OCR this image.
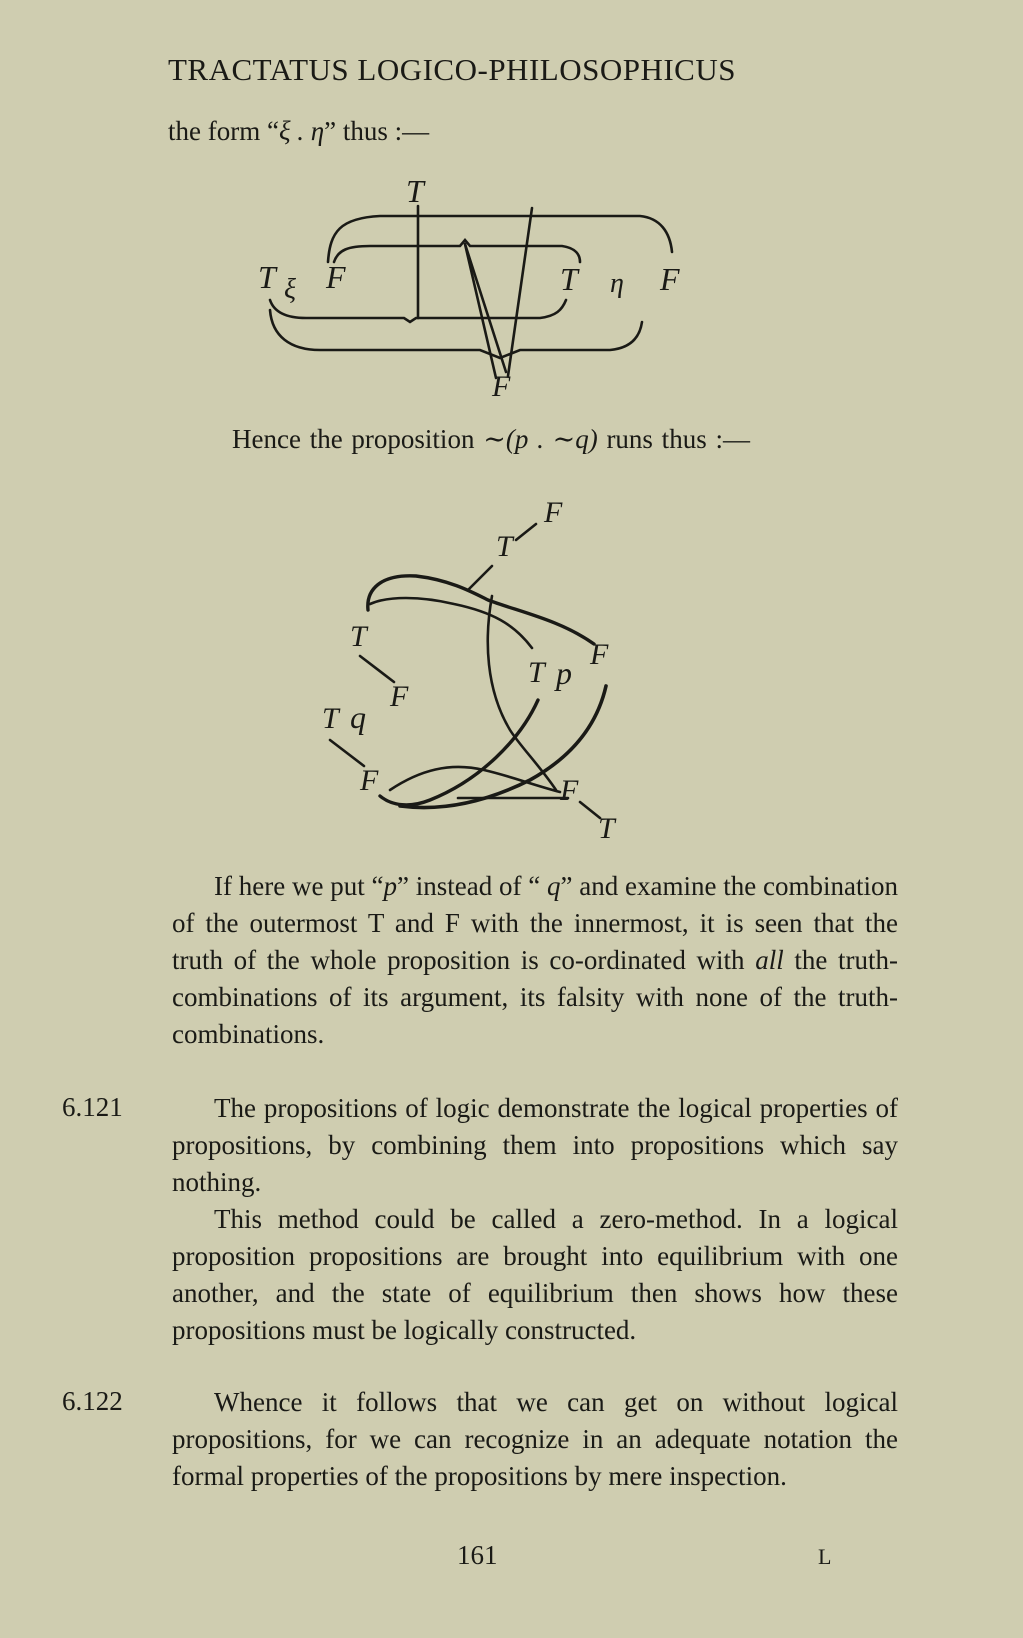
TRACTATUS LOGICO-PHILOSOPHICUS
the form “ξ . η” thus :—
T
T ξ F	T η F
F
Hence the proposition ∼(p . ∼q) runs thus :—
T
F
T
T p
F
T q
F
F	F
T

If here we put “p” instead of “ q” and examine the combination of the outermost T and F with the innermost, it is seen that the truth of the whole proposition is co-ordinated with all the truth-combinations of its argument, its falsity with none of the truth-combinations.

6.121	The propositions of logic demonstrate the logical properties of propositions, by combining them into propositions which say nothing.

This method could be called a zero-method. In a logical proposition propositions are brought into equilibrium with one another, and the state of equilibrium then shows how these propositions must be logically constructed.

6.122	Whence it follows that we can get on without logical propositions, for we can recognize in an adequate notation the formal properties of the propositions by mere inspection.

161	L
